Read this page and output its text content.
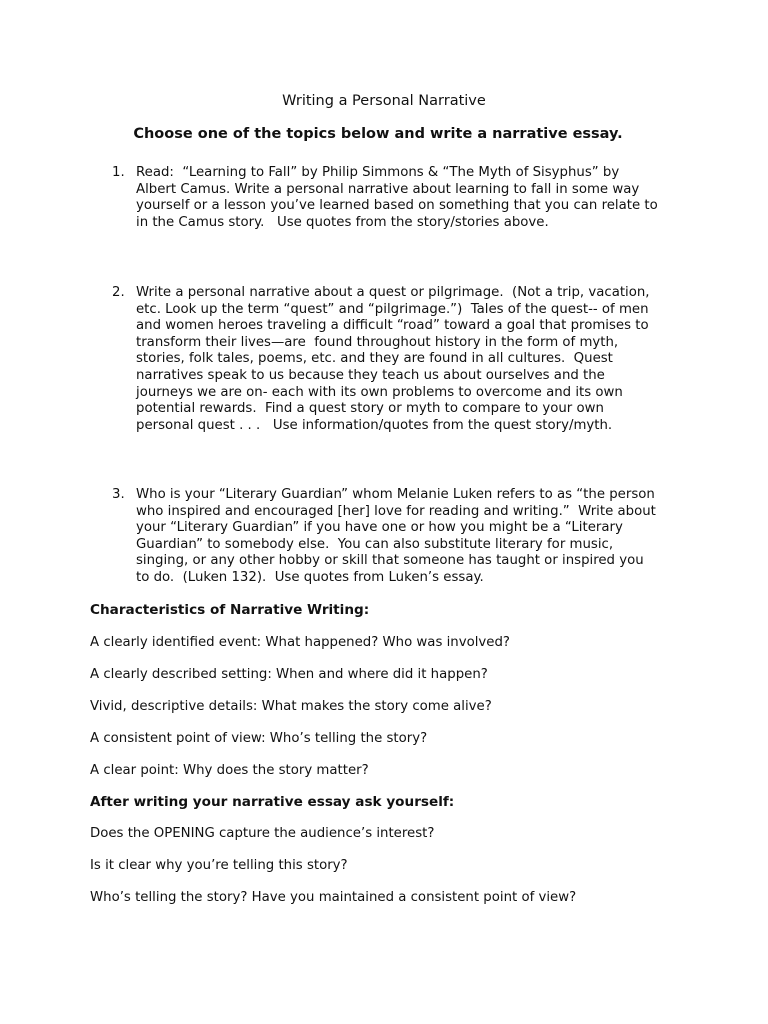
Writing a Personal Narrative
Choose one of the topics below and write a narrative essay.
1. Read:  “Learning to Fall” by Philip Simmons & “The Myth of Sisyphus” by
Albert Camus. Write a personal narrative about learning to fall in some way
yourself or a lesson you’ve learned based on something that you can relate to
in the Camus story.   Use quotes from the story/stories above.
2. Write a personal narrative about a quest or pilgrimage.  (Not a trip, vacation,
etc. Look up the term “quest” and “pilgrimage.”)  Tales of the quest-- of men
and women heroes traveling a difficult “road” toward a goal that promises to
transform their lives—are  found throughout history in the form of myth,
stories, folk tales, poems, etc. and they are found in all cultures.  Quest
narratives speak to us because they teach us about ourselves and the
journeys we are on- each with its own problems to overcome and its own
potential rewards.  Find a quest story or myth to compare to your own
personal quest . . .   Use information/quotes from the quest story/myth.
3. Who is your “Literary Guardian” whom Melanie Luken refers to as “the person
who inspired and encouraged [her] love for reading and writing.”  Write about
your “Literary Guardian” if you have one or how you might be a “Literary
Guardian” to somebody else.  You can also substitute literary for music,
singing, or any other hobby or skill that someone has taught or inspired you
to do.  (Luken 132).  Use quotes from Luken’s essay.
Characteristics of Narrative Writing:

A clearly identified event: What happened? Who was involved?

A clearly described setting: When and where did it happen?

Vivid, descriptive details: What makes the story come alive?

A consistent point of view: Who’s telling the story?

A clear point: Why does the story matter?

After writing your narrative essay ask yourself:

Does the OPENING capture the audience’s interest?

Is it clear why you’re telling this story?

Who’s telling the story? Have you maintained a consistent point of view?
